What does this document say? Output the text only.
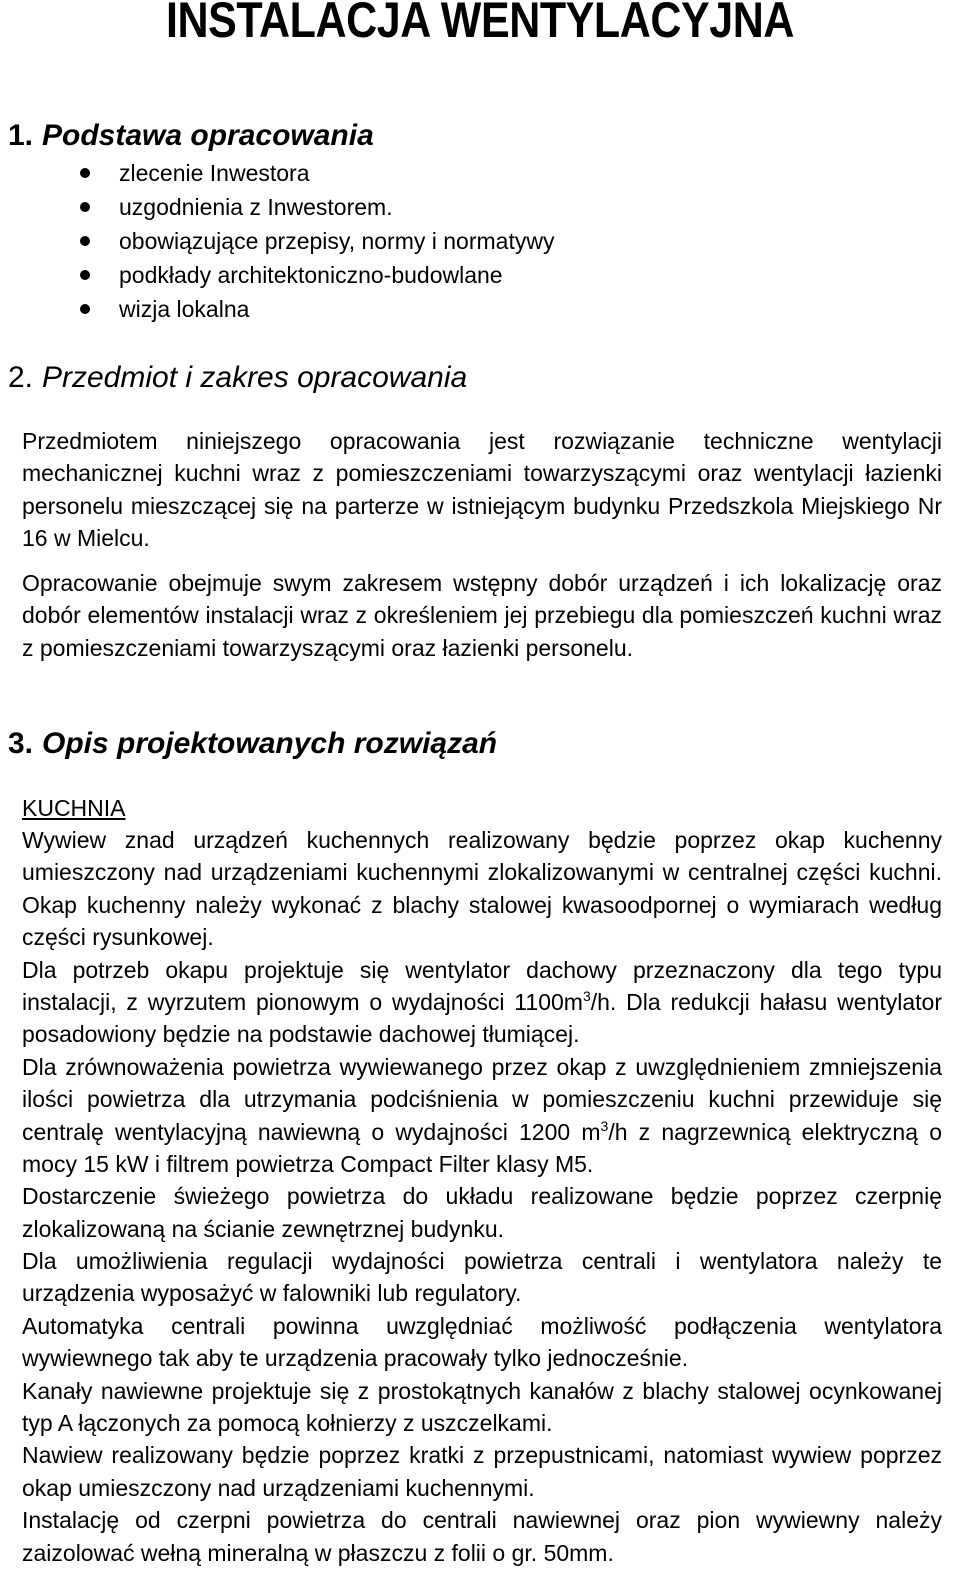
INSTALACJA WENTYLACYJNA
1. Podstawa opracowania
zlecenie Inwestora
uzgodnienia z Inwestorem.
obowiązujące przepisy, normy i normatywy
podkłady architektoniczno-budowlane
wizja lokalna
2. Przedmiot i zakres opracowania

Przedmiotem niniejszego opracowania jest rozwiązanie techniczne wentylacji mechanicznej kuchni wraz z pomieszczeniami towarzyszącymi oraz wentylacji łazienki personelu mieszczącej się na parterze w istniejącym budynku Przedszkola Miejskiego Nr 16 w Mielcu.

Opracowanie obejmuje swym zakresem wstępny dobór urządzeń i ich lokalizację oraz dobór elementów instalacji wraz z określeniem jej przebiegu dla pomieszczeń kuchni wraz z pomieszczeniami towarzyszącymi oraz łazienki personelu.

3. Opis projektowanych rozwiązań
KUCHNIA
Wywiew znad urządzeń kuchennych realizowany będzie poprzez okap kuchenny
umieszczony nad urządzeniami kuchennymi zlokalizowanymi w centralnej części kuchni.
Okap kuchenny należy wykonać z blachy stalowej kwasoodpornej o wymiarach według
części rysunkowej.
Dla potrzeb okapu projektuje się wentylator dachowy przeznaczony dla tego typu
instalacji, z wyrzutem pionowym o wydajności $1100m^3/h$. Dla redukcji hałasu wentylator
posadowiony będzie na podstawie dachowej tłumiącej.
Dla zrównoważenia powietrza wywiewanego przez okap z uwzględnieniem zmniejszenia
ilości powietrza dla utrzymania podciśnienia w pomieszczeniu kuchni przewiduje się
centralę wentylacyjną nawiewną o wydajności 1200 $m^3/h$ z nagrzewnicą elektryczną o
mocy 15 kW i filtrem powietrza Compact Filter klasy M5.
Dostarczenie świeżego powietrza do układu realizowane będzie poprzez czerpnię
zlokalizowaną na ścianie zewnętrznej budynku.
Dla umożliwienia regulacji wydajności powietrza centrali i wentylatora należy te
urządzenia wyposażyć w falowniki lub regulatory.
Automatyka centrali powinna uwzględniać możliwość podłączenia wentylatora
wywiewnego tak aby te urządzenia pracowały tylko jednocześnie.
Kanały nawiewne projektuje się z prostokątnych kanałów z blachy stalowej ocynkowanej
typ A łączonych za pomocą kołnierzy z uszczelkami.
Nawiew realizowany będzie poprzez kratki z przepustnicami, natomiast wywiew poprzez
okap umieszczony nad urządzeniami kuchennymi.
Instalację od czerpni powietrza do centrali nawiewnej oraz pion wywiewny należy
zaizolować wełną mineralną w płaszczu z folii o gr. 50mm.
